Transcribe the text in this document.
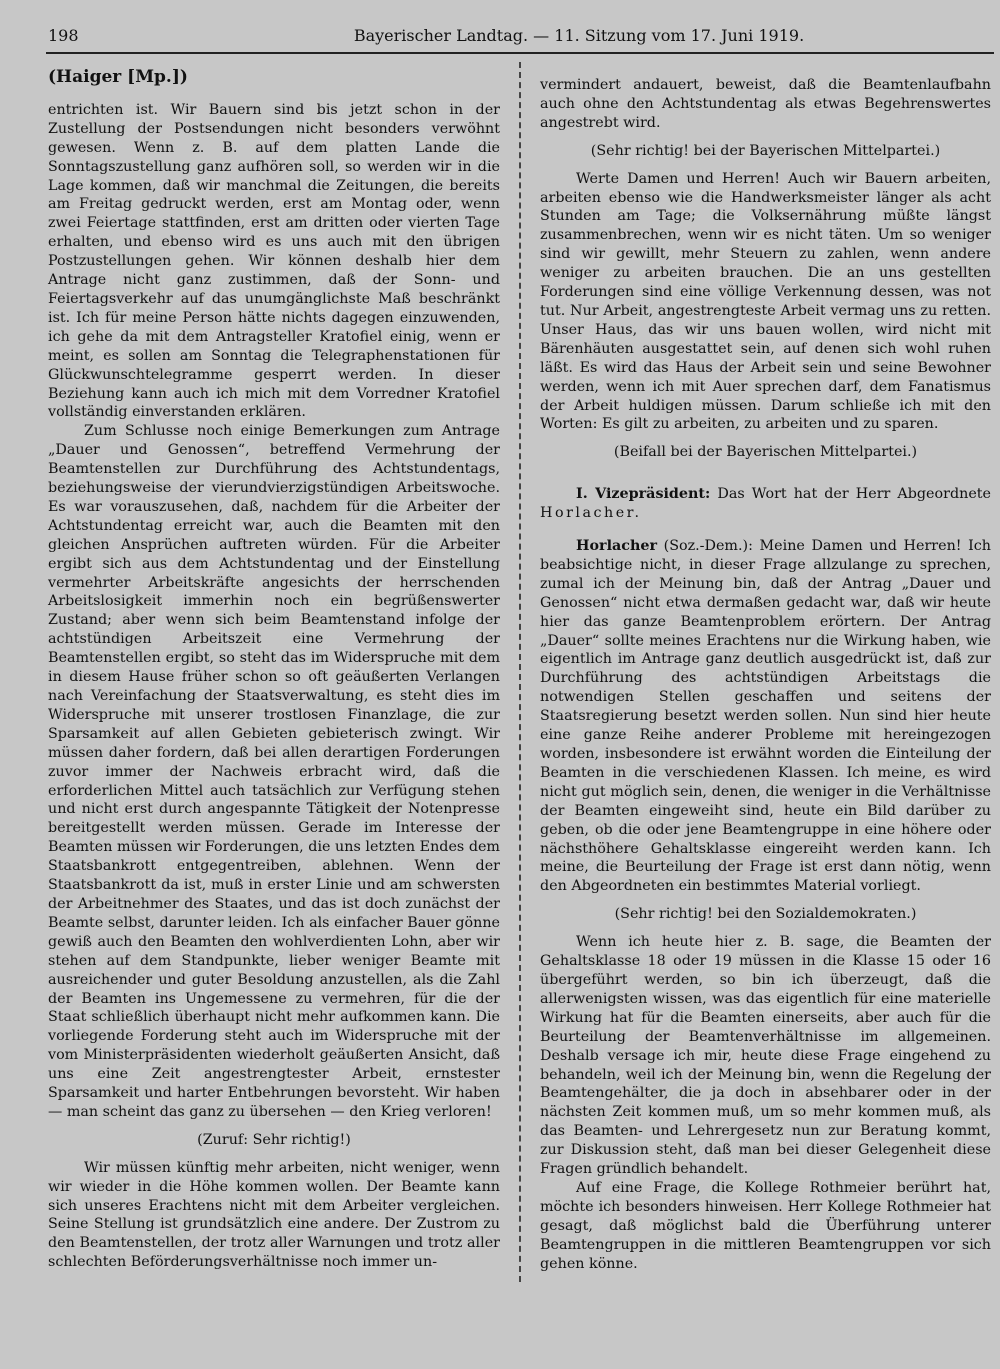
198	Bayerischer Landtag. — 11. Sitzung vom 17. Juni 1919.
(Haiger [Mp.])

entrichten ist. Wir Bauern sind bis jetzt schon in der Zustellung der Postsendungen nicht besonders verwöhnt gewesen. Wenn z. B. auf dem platten Lande die Sonntagszustellung ganz aufhören soll, so werden wir in die Lage kommen, daß wir manchmal die Zeitungen, die bereits am Freitag gedruckt werden, erst am Montag oder, wenn zwei Feiertage stattfinden, erst am dritten oder vierten Tage erhalten, und ebenso wird es uns auch mit den übrigen Postzustellungen gehen. Wir können deshalb hier dem Antrage nicht ganz zustimmen, daß der Sonn- und Feiertagsverkehr auf das unumgänglichste Maß beschränkt ist. Ich für meine Person hätte nichts dagegen einzuwenden, ich gehe da mit dem Antragsteller Kratofiel einig, wenn er meint, es sollen am Sonntag die Telegraphenstationen für Glückwunschtelegramme gesperrt werden. In dieser Beziehung kann auch ich mich mit dem Vorredner Kratofiel vollständig einverstanden erklären.

Zum Schlusse noch einige Bemerkungen zum Antrage „Dauer und Genossen“, betreffend Vermehrung der Beamtenstellen zur Durchführung des Achtstundentags, beziehungsweise der vierundvierzigstündigen Arbeitswoche. Es war vorauszusehen, daß, nachdem für die Arbeiter der Achtstundentag erreicht war, auch die Beamten mit den gleichen Ansprüchen auftreten würden. Für die Arbeiter ergibt sich aus dem Achtstundentag und der Einstellung vermehrter Arbeitskräfte angesichts der herrschenden Arbeitslosigkeit immerhin noch ein begrüßenswerter Zustand; aber wenn sich beim Beamtenstand infolge der achtstündigen Arbeitszeit eine Vermehrung der Beamtenstellen ergibt, so steht das im Widerspruche mit dem in diesem Hause früher schon so oft geäußerten Verlangen nach Vereinfachung der Staatsverwaltung, es steht dies im Widerspruche mit unserer trostlosen Finanzlage, die zur Sparsamkeit auf allen Gebieten gebieterisch zwingt. Wir müssen daher fordern, daß bei allen derartigen Forderungen zuvor immer der Nachweis erbracht wird, daß die erforderlichen Mittel auch tatsächlich zur Verfügung stehen und nicht erst durch angespannte Tätigkeit der Notenpresse bereitgestellt werden müssen. Gerade im Interesse der Beamten müssen wir Forderungen, die uns letzten Endes dem Staatsbankrott entgegentreiben, ablehnen. Wenn der Staatsbankrott da ist, muß in erster Linie und am schwersten der Arbeitnehmer des Staates, und das ist doch zunächst der Beamte selbst, darunter leiden. Ich als einfacher Bauer gönne gewiß auch den Beamten den wohlverdienten Lohn, aber wir stehen auf dem Standpunkte, lieber weniger Beamte mit ausreichender und guter Besoldung anzustellen, als die Zahl der Beamten ins Ungemessene zu vermehren, für die der Staat schließlich überhaupt nicht mehr aufkommen kann. Die vorliegende Forderung steht auch im Widerspruche mit der vom Ministerpräsidenten wiederholt geäußerten Ansicht, daß uns eine Zeit angestrengtester Arbeit, ernstester Sparsamkeit und harter Entbehrungen bevorsteht. Wir haben — man scheint das ganz zu übersehen — den Krieg verloren!

(Zuruf: Sehr richtig!)

Wir müssen künftig mehr arbeiten, nicht weniger, wenn wir wieder in die Höhe kommen wollen. Der Beamte kann sich unseres Erachtens nicht mit dem Arbeiter vergleichen. Seine Stellung ist grundsätzlich eine andere. Der Zustrom zu den Beamtenstellen, der trotz aller Warnungen und trotz aller schlechten Beförderungsverhältnisse noch immer un-

vermindert andauert, beweist, daß die Beamtenlaufbahn auch ohne den Achtstundentag als etwas Begehrenswertes angestrebt wird.

(Sehr richtig! bei der Bayerischen Mittelpartei.)

Werte Damen und Herren! Auch wir Bauern arbeiten, arbeiten ebenso wie die Handwerksmeister länger als acht Stunden am Tage; die Volksernährung müßte längst zusammenbrechen, wenn wir es nicht täten. Um so weniger sind wir gewillt, mehr Steuern zu zahlen, wenn andere weniger zu arbeiten brauchen. Die an uns gestellten Forderungen sind eine völlige Verkennung dessen, was not tut. Nur Arbeit, angestrengteste Arbeit vermag uns zu retten. Unser Haus, das wir uns bauen wollen, wird nicht mit Bärenhäuten ausgestattet sein, auf denen sich wohl ruhen läßt. Es wird das Haus der Arbeit sein und seine Bewohner werden, wenn ich mit Auer sprechen darf, dem Fanatismus der Arbeit huldigen müssen. Darum schließe ich mit den Worten: Es gilt zu arbeiten, zu arbeiten und zu sparen.

(Beifall bei der Bayerischen Mittelpartei.)

I. Vizepräsident: Das Wort hat der Herr Abgeordnete Horlacher.

Horlacher (Soz.-Dem.): Meine Damen und Herren! Ich beabsichtige nicht, in dieser Frage allzulange zu sprechen, zumal ich der Meinung bin, daß der Antrag „Dauer und Genossen“ nicht etwa dermaßen gedacht war, daß wir heute hier das ganze Beamtenproblem erörtern. Der Antrag „Dauer“ sollte meines Erachtens nur die Wirkung haben, wie eigentlich im Antrage ganz deutlich ausgedrückt ist, daß zur Durchführung des achtstündigen Arbeitstags die notwendigen Stellen geschaffen und seitens der Staatsregierung besetzt werden sollen. Nun sind hier heute eine ganze Reihe anderer Probleme mit hereingezogen worden, insbesondere ist erwähnt worden die Einteilung der Beamten in die verschiedenen Klassen. Ich meine, es wird nicht gut möglich sein, denen, die weniger in die Verhältnisse der Beamten eingeweiht sind, heute ein Bild darüber zu geben, ob die oder jene Beamtengruppe in eine höhere oder nächsthöhere Gehaltsklasse eingereiht werden kann. Ich meine, die Beurteilung der Frage ist erst dann nötig, wenn den Abgeordneten ein bestimmtes Material vorliegt.

(Sehr richtig! bei den Sozialdemokraten.)

Wenn ich heute hier z. B. sage, die Beamten der Gehaltsklasse 18 oder 19 müssen in die Klasse 15 oder 16 übergeführt werden, so bin ich überzeugt, daß die allerwenigsten wissen, was das eigentlich für eine materielle Wirkung hat für die Beamten einerseits, aber auch für die Beurteilung der Beamtenverhältnisse im allgemeinen. Deshalb versage ich mir, heute diese Frage eingehend zu behandeln, weil ich der Meinung bin, wenn die Regelung der Beamtengehälter, die ja doch in absehbarer oder in der nächsten Zeit kommen muß, um so mehr kommen muß, als das Beamten- und Lehrergesetz nun zur Beratung kommt, zur Diskussion steht, daß man bei dieser Gelegenheit diese Fragen gründlich behandelt.

Auf eine Frage, die Kollege Rothmeier berührt hat, möchte ich besonders hinweisen. Herr Kollege Rothmeier hat gesagt, daß möglichst bald die Überführung unterer Beamtengruppen in die mittleren Beamtengruppen vor sich gehen könne.
